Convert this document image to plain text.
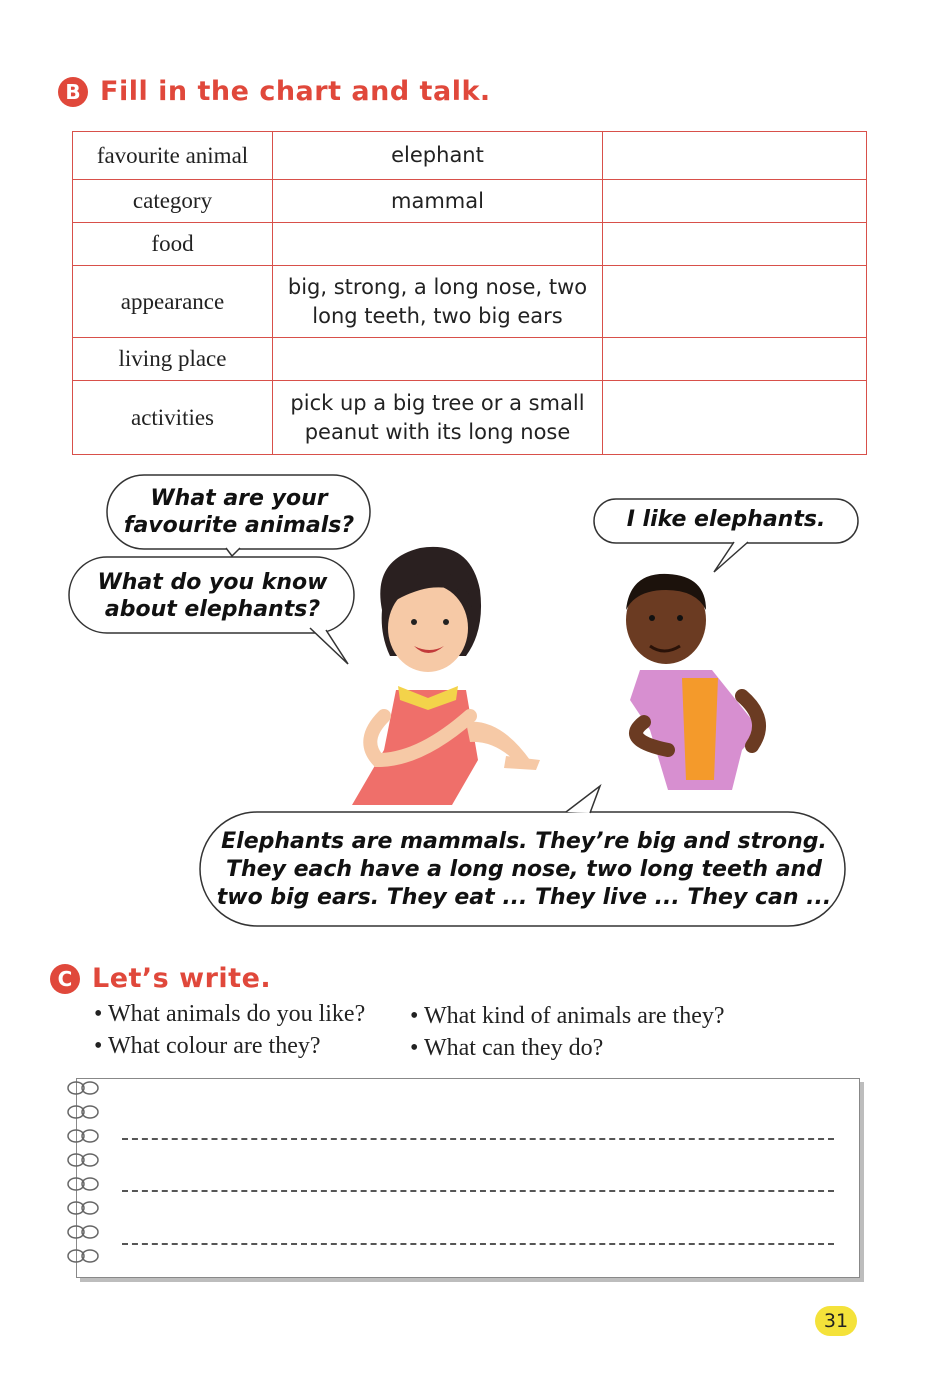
B Fill in the chart and talk.
favourite animal	elephant	
category	mammal	
food		
appearance	big, strong, a long nose, two long teeth, two big ears	
living place		
activities	pick up a big tree or a small peanut with its long nose	
What are your favourite animals?
What do you know about elephants?
I like elephants.
Elephants are mammals. They’re big and strong. They each have a long nose, two long teeth and two big ears. They eat ... They live ... They can ...
C Let’s write.
• What animals do you like? • What kind of animals are they?
• What colour are they?	• What can they do?
31
